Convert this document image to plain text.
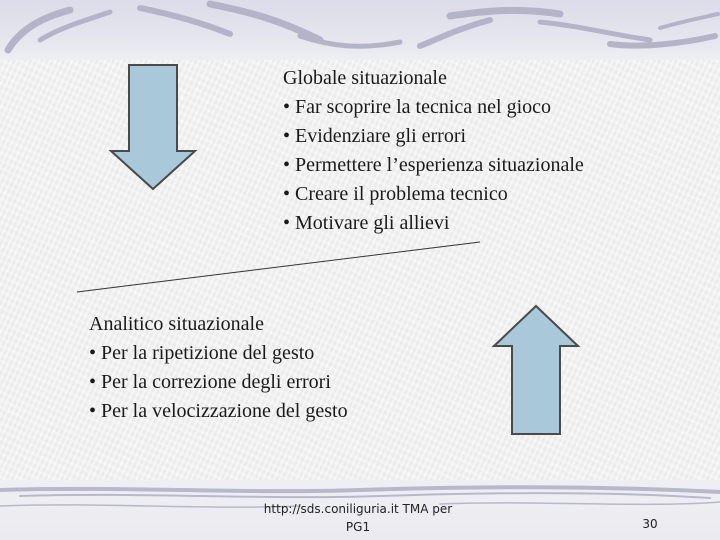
Globale situazionale
• Far scoprire la tecnica nel gioco
• Evidenziare gli errori
• Permettere l’esperienza situazionale
• Creare il problema tecnico
• Motivare gli allievi
Analitico situazionale
• Per la ripetizione del gesto
• Per la correzione degli errori
• Per la velocizzazione del gesto
http://sds.coniliguria.it TMA per
PG1	30
